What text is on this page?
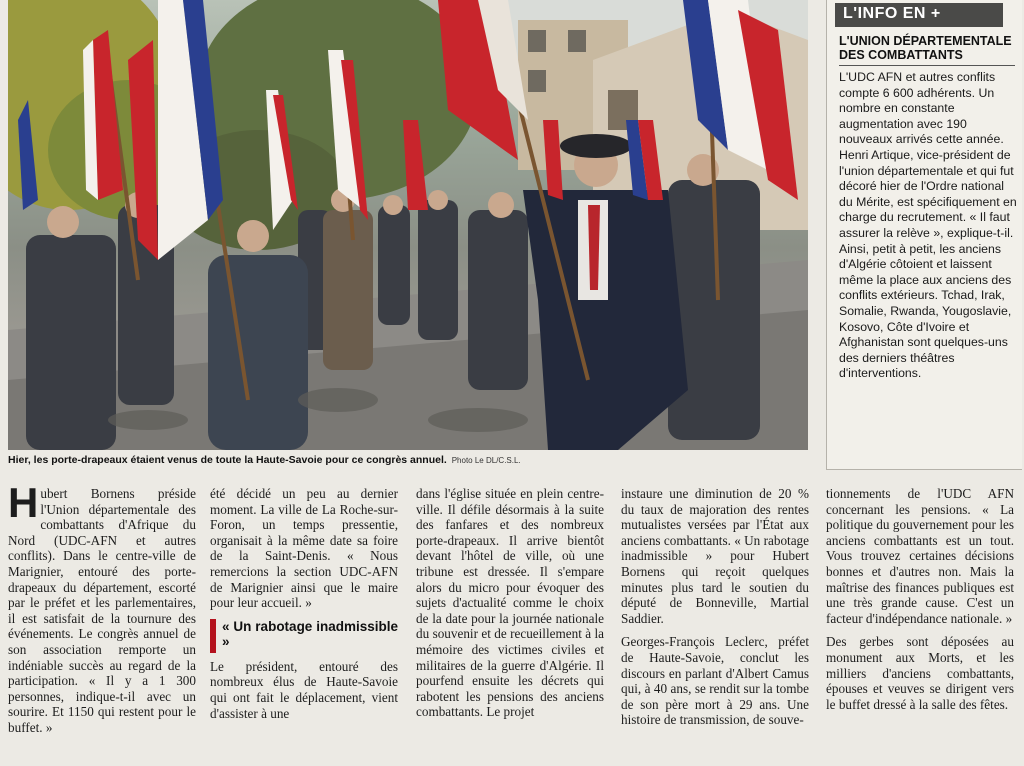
Hier, les porte-drapeaux étaient venus de toute la Haute-Savoie pour ce congrès annuel. Photo Le DL/C.S.L.
L'INFO EN +
L'UNION DÉPARTEMENTALE DES COMBATTANTS
L'UDC AFN et autres conflits compte 6 600 adhérents. Un nombre en constante augmentation avec 190 nouveaux arrivés cette année. Henri Artique, vice-président de l'union départementale et qui fut décoré hier de l'Ordre national du Mérite, est spécifiquement en charge du recrutement. « Il faut assurer la relève », explique-t-il. Ainsi, petit à petit, les anciens d'Algérie côtoient et laissent même la place aux anciens des conflits extérieurs. Tchad, Irak, Somalie, Rwanda, Yougoslavie, Kosovo, Côte d'Ivoire et Afghanistan sont quelques-uns des derniers théâtres d'interventions.
H ubert Bornens préside l'Union départementale des combattants d'Afrique du Nord (UDC-AFN et autres conflits). Dans le centre-ville de Marignier, entouré des porte-drapeaux du département, escorté par le préfet et les parlementaires, il est satisfait de la tournure des événements. Le congrès annuel de son association remporte un indéniable succès au regard de la participation. « Il y a 1 300 personnes, indique-t-il avec un sourire. Et 1150 qui restent pour le buffet. »

été décidé un peu au dernier moment. La ville de La Roche-sur-Foron, un temps pressentie, organisait à la même date sa foire de la Saint-Denis. « Nous remercions la section UDC-AFN de Marignier ainsi que le maire pour leur accueil. »

« Un rabotage inadmissible »

Le président, entouré des nombreux élus de Haute-Savoie qui ont fait le déplacement, vient d'assister à une

dans l'église située en plein centre-ville. Il défile désormais à la suite des fanfares et des nombreux porte-drapeaux. Il arrive bientôt devant l'hôtel de ville, où une tribune est dressée. Il s'empare alors du micro pour évoquer des sujets d'actualité comme le choix de la date pour la journée nationale du souvenir et de recueillement à la mémoire des victimes civiles et militaires de la guerre d'Algérie. Il pourfend ensuite les décrets qui rabotent les pensions des anciens combattants. Le projet

instaure une diminution de 20 % du taux de majoration des rentes mutualistes versées par l'État aux anciens combattants. « Un rabotage inadmissible » pour Hubert Bornens qui reçoit quelques minutes plus tard le soutien du député de Bonneville, Martial Saddier.

Georges-François Leclerc, préfet de Haute-Savoie, conclut les discours en parlant d'Albert Camus qui, à 40 ans, se rendit sur la tombe de son père mort à 29 ans. Une histoire de transmission, de souve-

tionnements de l'UDC AFN concernant les pensions. « La politique du gouvernement pour les anciens combattants est un tout. Vous trouvez certaines décisions bonnes et d'autres non. Mais la maîtrise des finances publiques est une très grande cause. C'est un facteur d'indépendance nationale. »

Des gerbes sont déposées au monument aux Morts, et les milliers d'anciens combattants, épouses et veuves se dirigent vers le buffet dressé à la salle des fêtes.
